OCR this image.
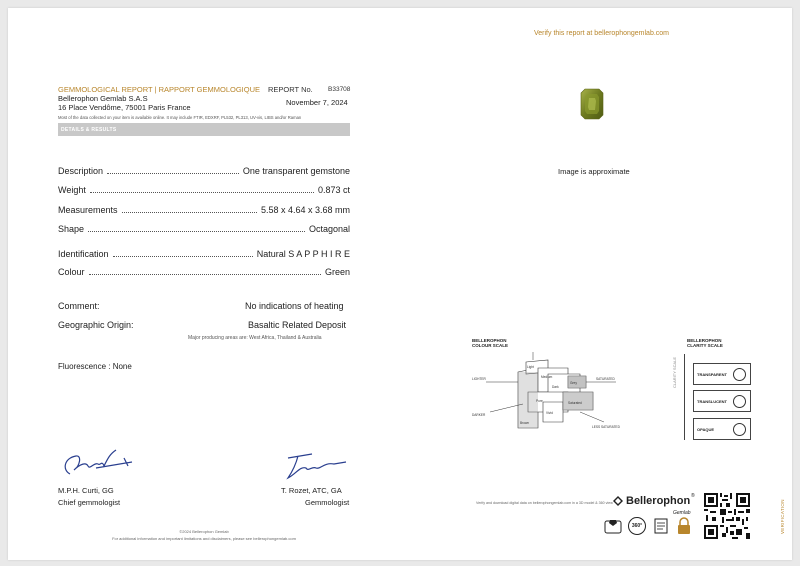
Verify this report at bellerophongemlab.com
GEMMOLOGICAL REPORT | RAPPORT GEMMOLOGIQUE REPORT No. B33708
Bellerophon Gemlab S.A.S
16 Place Vendôme, 75001 Paris France
November 7, 2024
Most of the data collected on your item is available online. It may include FTIR, EDXRF, PL532, PL313, UV-vis, LIBS and/or Raman
DETAILS & RESULTS
Description	One transparent gemstone
Weight	0.873 ct
Measurements	5.58 x 4.64 x 3.68 mm
Shape	Octagonal
Identification	Natural S A P P H I R E
Colour	Green
Comment:	No indications of heating
Geographic Origin:	Basaltic Related Deposit
Major producing areas are: West Africa, Thailand & Australia
Fluorescence : None
M.P.H. Curti, GG
Chief gemmologist
T. Rozet, ATC, GA
Gemmologist
©2024 Bellerophon Gemlab
For additional information and important limitations and disclaimers, please see bellerophongemlab.com
Image is approximate
BELLEROPHON COLOUR SCALE
Light
Medium
Dark
Pure
Vivid
Grey
Saturated
Brown
LIGHTER
DARKER
SATURATED
LESS SATURATED
BELLEROPHON CLARITY SCALE
CLARITY SCALE	TRANSPARENT
TRANSLUCENT
OPAQUE
Verify and download digital data on bellerophongemlab.com in a 3D model & 360 view Bellerophon ®
Gemlab
360°	VERIFICATION
